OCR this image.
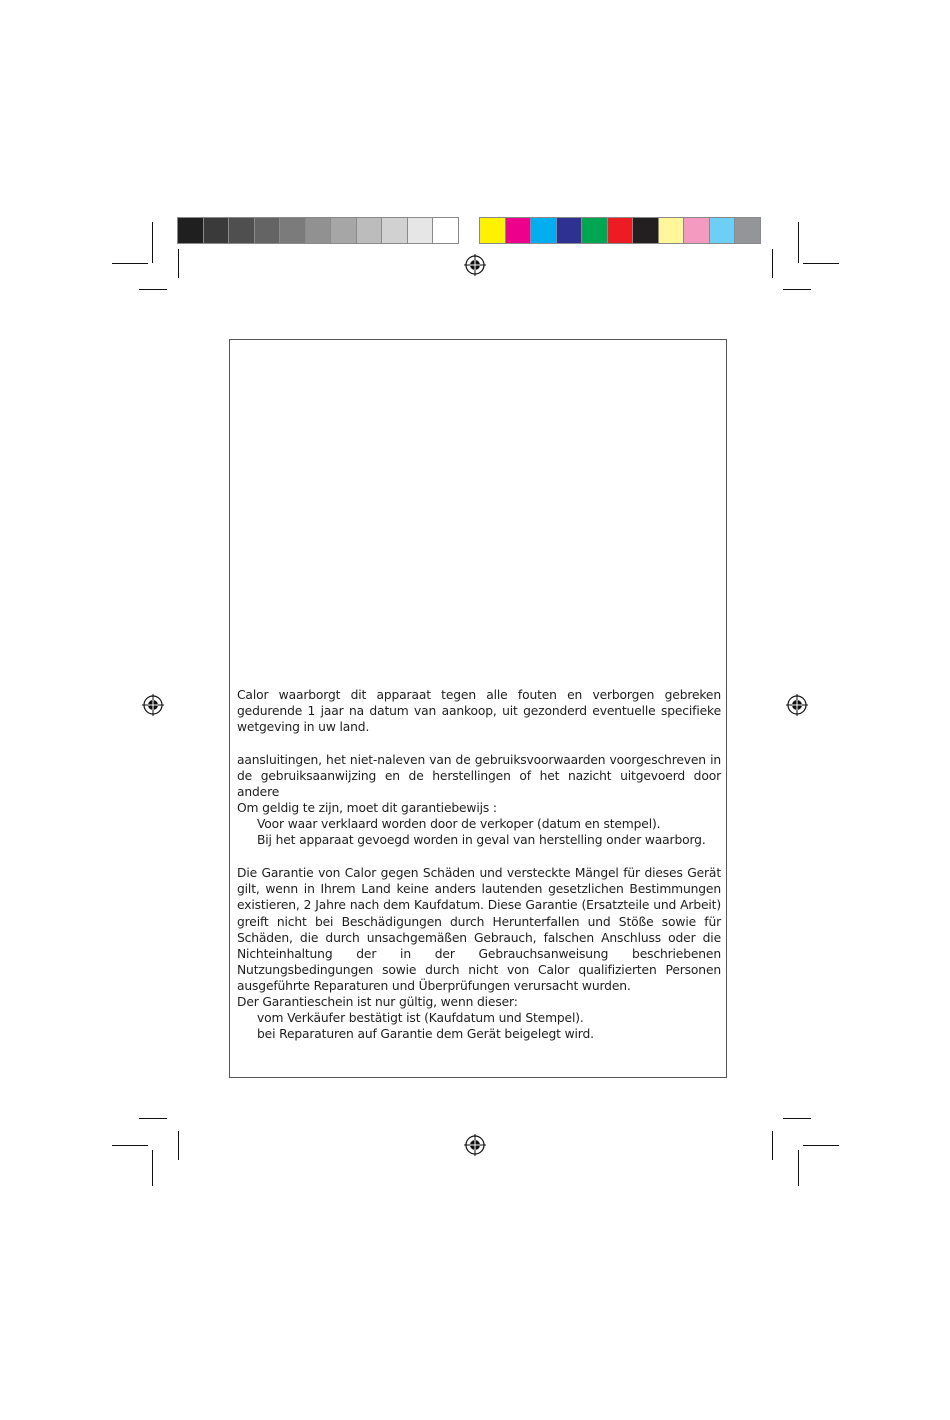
Calor waarborgt dit apparaat tegen alle fouten en verborgen gebreken gedurende 1 jaar na datum van aankoop, uit gezonderd eventuelle specifieke wetgeving in uw land.

aansluitingen, het niet-naleven van de gebruiksvoorwaarden voorgeschreven in de gebruiksaanwijzing en de herstellingen of het nazicht uitgevoerd door andere

Om geldig te zijn, moet dit garantiebewijs :
Voor waar verklaard worden door de verkoper (datum en stempel).
Bij het apparaat gevoegd worden in geval van herstelling onder waarborg.

Die Garantie von Calor gegen Schäden und versteckte Mängel für dieses Gerät gilt, wenn in Ihrem Land keine anders lautenden gesetzlichen Bestimmungen existieren, 2 Jahre nach dem Kaufdatum. Diese Garantie (Ersatzteile und Arbeit) greift nicht bei Beschädigungen durch Herunterfallen und Stöße sowie für Schäden, die durch unsachgemäßen Gebrauch, falschen Anschluss oder die Nichteinhaltung der in der Gebrauchsanweisung beschriebenen Nutzungsbedingungen sowie durch nicht von Calor qualifizierten Personen ausgeführte Reparaturen und Überprüfungen verursacht wurden.

Der Garantieschein ist nur gültig, wenn dieser:
vom Verkäufer bestätigt ist (Kaufdatum und Stempel).
bei Reparaturen auf Garantie dem Gerät beigelegt wird.
